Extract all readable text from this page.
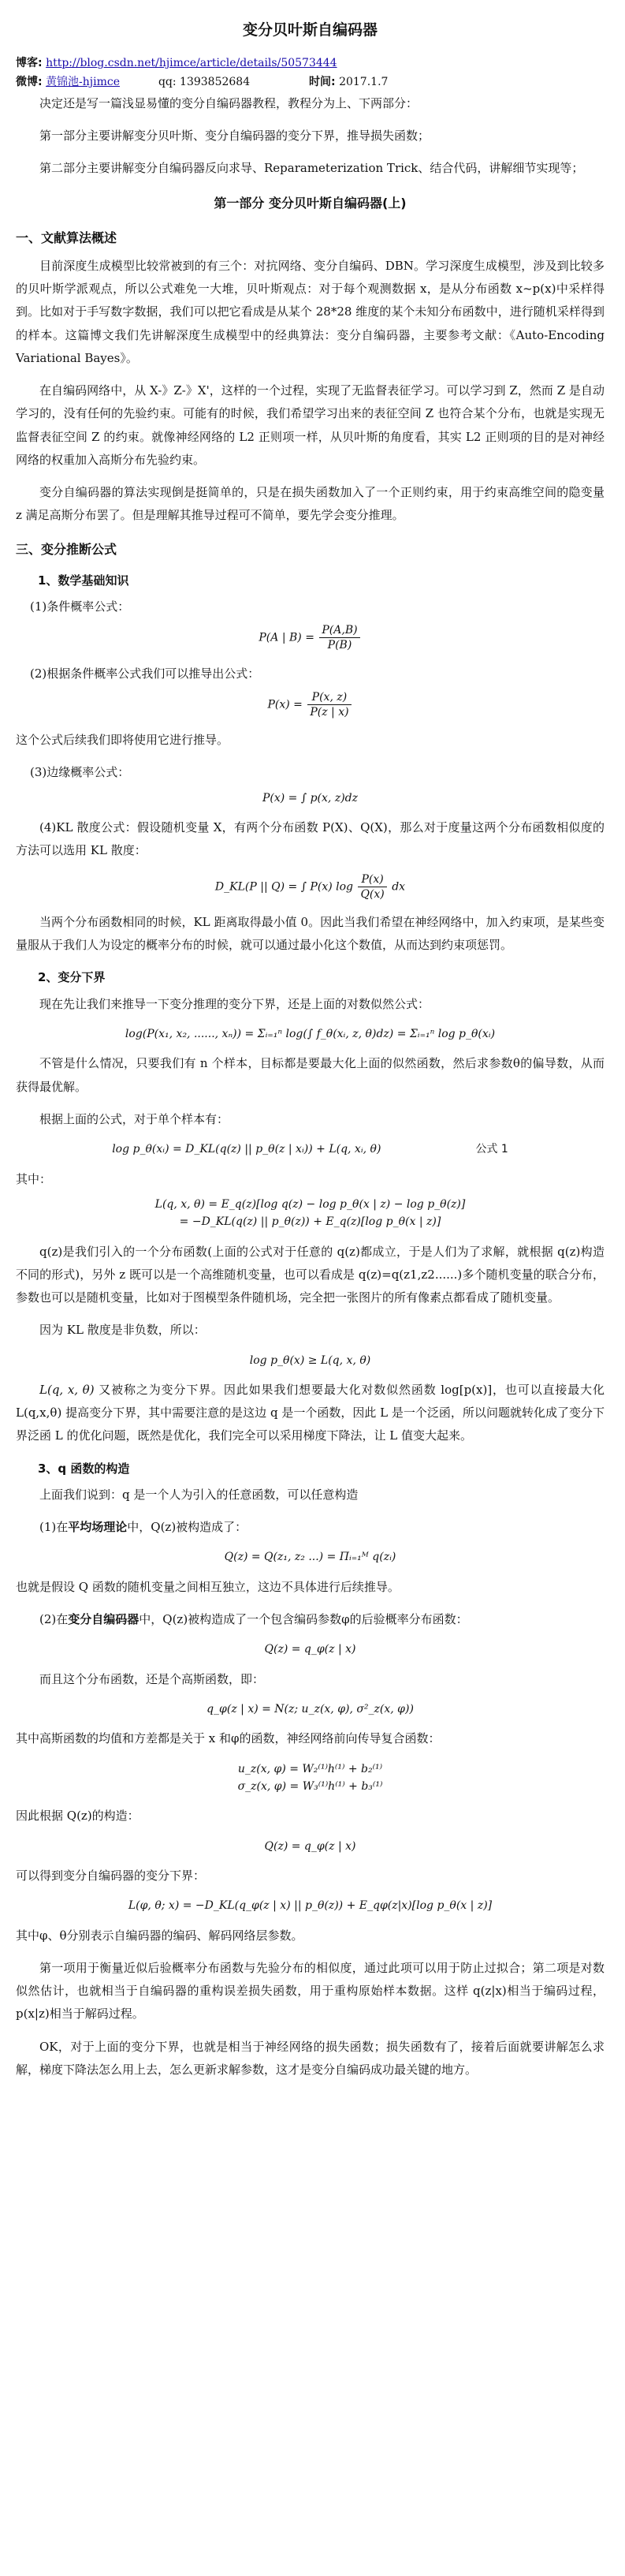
变分贝叶斯自编码器
博客: http://blog.csdn.net/hjimce/article/details/50573444
微博: 黄锦池-hjimce	qq: 1393852684	时间: 2017.1.7

决定还是写一篇浅显易懂的变分自编码器教程，教程分为上、下两部分：

第一部分主要讲解变分贝叶斯、变分自编码器的变分下界，推导损失函数；

第二部分主要讲解变分自编码器反向求导、Reparameterization Trick、结合代码，讲解细节实现等；

第一部分 变分贝叶斯自编码器(上)
一、文献算法概述

目前深度生成模型比较常被到的有三个：对抗网络、变分自编码、DBN。学习深度生成模型，涉及到比较多的贝叶斯学派观点，所以公式难免一大堆，贝叶斯观点：对于每个观测数据 x，是从分布函数 x~p(x)中采样得到。比如对于手写数字数据，我们可以把它看成是从某个 28*28 维度的某个未知分布函数中，进行随机采样得到的样本。这篇博文我们先讲解深度生成模型中的经典算法：变分自编码器，主要参考文献：《Auto-Encoding Variational Bayes》。

在自编码网络中，从 X-》Z-》X'，这样的一个过程，实现了无监督表征学习。可以学习到 Z，然而 Z 是自动学习的，没有任何的先验约束。可能有的时候，我们希望学习出来的表征空间 Z 也符合某个分布，也就是实现无监督表征空间 Z 的约束。就像神经网络的 L2 正则项一样，从贝叶斯的角度看，其实 L2 正则项的目的是对神经网络的权重加入高斯分布先验约束。

变分自编码器的算法实现倒是挺简单的，只是在损失函数加入了一个正则约束，用于约束高维空间的隐变量 z 满足高斯分布罢了。但是理解其推导过程可不简单，要先学会变分推理。

三、变分推断公式
1、数学基础知识
(1)条件概率公式：
P(A | $B) = \frac{P(A,B)}{P(B)}$
(2)根据条件概率公式我们可以推导出公式：
$P(x) = \frac{P(x, z)}{P(z | x)}$

这个公式后续我们即将使用它进行推导。

(3)边缘概率公式：
P(x) = ∫ p(x, z)dz

(4)KL 散度公式：假设随机变量 X，有两个分布函数 P(X)、Q(X)，那么对于度量这两个分布函数相似度的方法可以选用 KL 散度：

D_KL(P || Q) = ∫ P(x) $\log \frac{P(x)}{Q(x)}$ dx

当两个分布函数相同的时候，KL 距离取得最小值 0。因此当我们希望在神经网络中，加入约束项，是某些变量服从于我们人为设定的概率分布的时候，就可以通过最小化这个数值，从而达到约束项惩罚。

2、变分下界

现在先让我们来推导一下变分推理的变分下界，还是上面的对数似然公式：

log(P(x₁, x₂, ......, xₙ)) = Σᵢ₌₁ⁿ log(∫ f_θ(xᵢ, z, θ)dz) = Σᵢ₌₁ⁿ log p_θ(xᵢ)

不管是什么情况，只要我们有 n 个样本，目标都是要最大化上面的似然函数，然后求参数θ的偏导数，从而获得最优解。

根据上面的公式，对于单个样本有：

log p_θ(xᵢ) = D_KL(q(z) || p_θ(z | xᵢ)) + L(q, xᵢ, θ)	公式 1
其中：
L(q, x, θ) = E_q(z)[log q(z) − log p_θ(x | z) − log p_θ(z)]
= −D_KL(q(z) || p_θ(z)) + E_q(z)[log p_θ(x | z)]

q(z)是我们引入的一个分布函数(上面的公式对于任意的 q(z)都成立，于是人们为了求解，就根据 q(z)构造不同的形式)，另外 z 既可以是一个高维随机变量，也可以看成是 q(z)=q(z1,z2......)多个随机变量的联合分布，参数也可以是随机变量，比如对于图模型条件随机场，完全把一张图片的所有像素点都看成了随机变量。

因为 KL 散度是非负数，所以：

log p_θ(x) ≥ L(q, x, θ)

L(q, x, θ) 又被称之为变分下界。因此如果我们想要最大化对数似然函数 log[p(x)]，也可以直接最大化 L(q,x,θ) 提高变分下界，其中需要注意的是这边 q 是一个函数，因此 L 是一个泛函，所以问题就转化成了变分下界泛函 L 的优化问题，既然是优化，我们完全可以采用梯度下降法，让 L 值变大起来。

3、q 函数的构造

上面我们说到：q 是一个人为引入的任意函数，可以任意构造

(1)在平均场理论中，Q(z)被构造成了：

Q(z) = Q(z₁, z₂ ...) = Πᵢ₌₁ᴹ q(zᵢ)

也就是假设 Q 函数的随机变量之间相互独立，这边不具体进行后续推导。

(2)在变分自编码器中，Q(z)被构造成了一个包含编码参数φ的后验概率分布函数：

Q(z) = q_φ(z | x)

而且这个分布函数，还是个高斯函数，即：

q_φ(z | x) = N(z; u_z(x, φ), σ²_z(x, φ))

其中高斯函数的均值和方差都是关于 x 和φ的函数，神经网络前向传导复合函数：

u_z(x, φ) = W₂⁽¹⁾h⁽¹⁾ + b₂⁽¹⁾
σ_z(x, φ) = W₃⁽¹⁾h⁽¹⁾ + b₃⁽¹⁾

因此根据 Q(z)的构造：

Q(z) = q_φ(z | x)

可以得到变分自编码器的变分下界：

L(φ, θ; x) = −D_KL(q_φ(z | x) || p_θ(z)) + E_qφ(z|x)[log p_θ(x | z)]

其中φ、θ分别表示自编码器的编码、解码网络层参数。

第一项用于衡量近似后验概率分布函数与先验分布的相似度，通过此项可以用于防止过拟合；第二项是对数似然估计，也就相当于自编码器的重构误差损失函数，用于重构原始样本数据。这样 q(z|x)相当于编码过程，p(x|z)相当于解码过程。

OK，对于上面的变分下界，也就是相当于神经网络的损失函数；损失函数有了，接着后面就要讲解怎么求解，梯度下降法怎么用上去，怎么更新求解参数，这才是变分自编码成功最关键的地方。
